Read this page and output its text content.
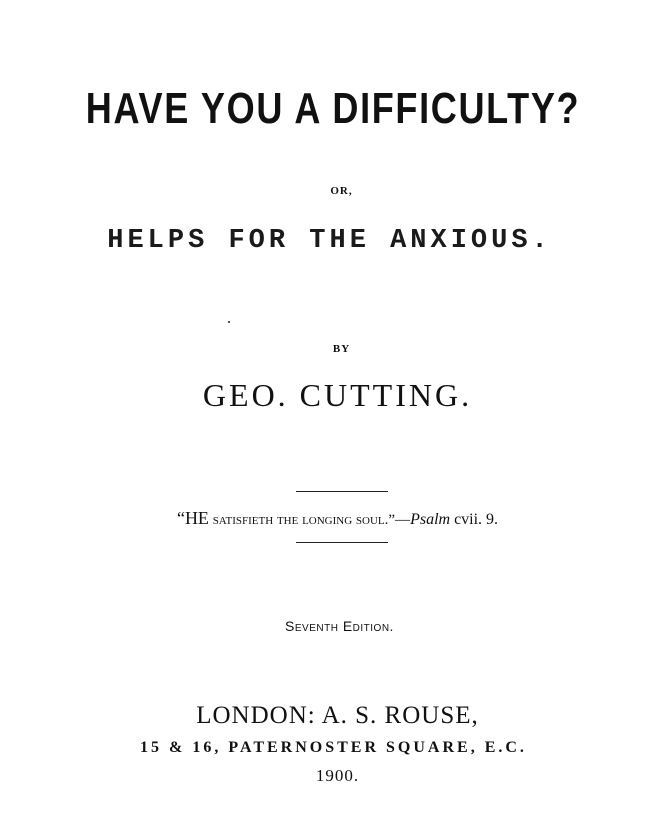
HAVE YOU A DIFFICULTY?
OR,
HELPS FOR THE ANXIOUS.
BY
GEO. CUTTING.
“HE satisfieth the longing soul.”—Psalm cvii. 9.
Seventh Edition.
LONDON: A. S. ROUSE,
15 & 16, PATERNOSTER SQUARE, E.C.
1900.
